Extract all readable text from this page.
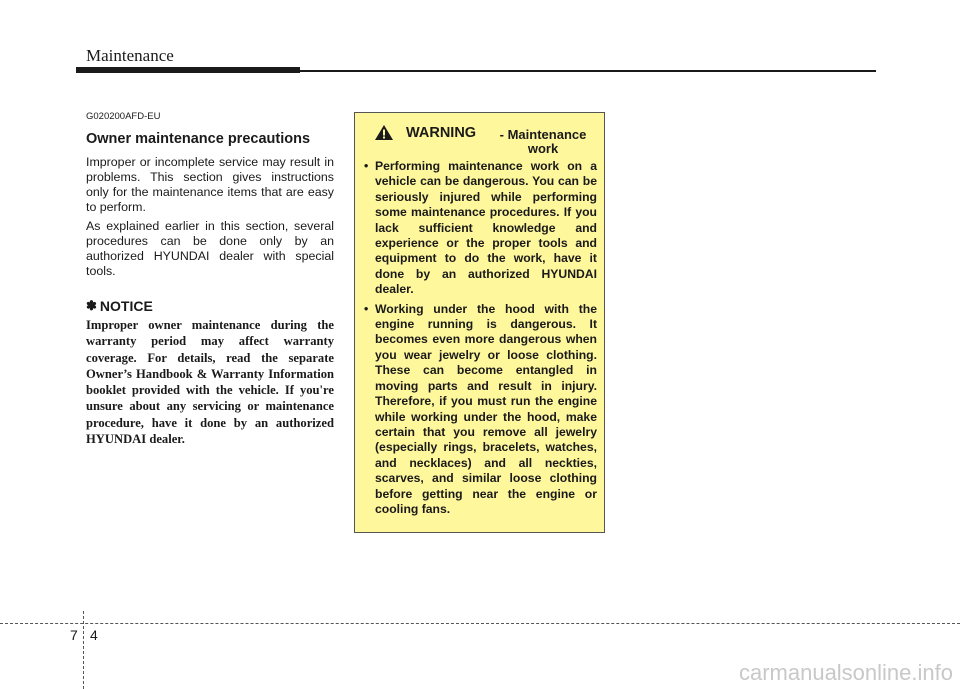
Maintenance
G020200AFD-EU
Owner maintenance precautions

Improper or incomplete service may result in problems. This section gives instructions only for the maintenance items that are easy to perform.

As explained earlier in this section, several procedures can be done only by an authorized HYUNDAI dealer with special tools.

✽ NOTICE
Improper owner maintenance during the warranty period may affect warranty coverage. For details, read the separate Owner’s Handbook & Warranty Information booklet provided with the vehicle. If you're unsure about any servicing or maintenance procedure, have it done by an authorized HYUNDAI dealer.
WARNING	- Maintenance work
• Performing maintenance work on a vehicle can be dangerous. You can be seriously injured while performing some maintenance procedures. If you lack sufficient knowledge and experience or the proper tools and equipment to do the work, have it done by an authorized HYUNDAI dealer.
• Working under the hood with the engine running is dangerous. It becomes even more dangerous when you wear jewelry or loose clothing. These can become entangled in moving parts and result in injury. Therefore, if you must run the engine while working under the hood, make certain that you remove all jewelry (especially rings, bracelets, watches, and necklaces) and all neckties, scarves, and similar loose clothing before getting near the engine or cooling fans.
7 4
carmanualsonline.info
